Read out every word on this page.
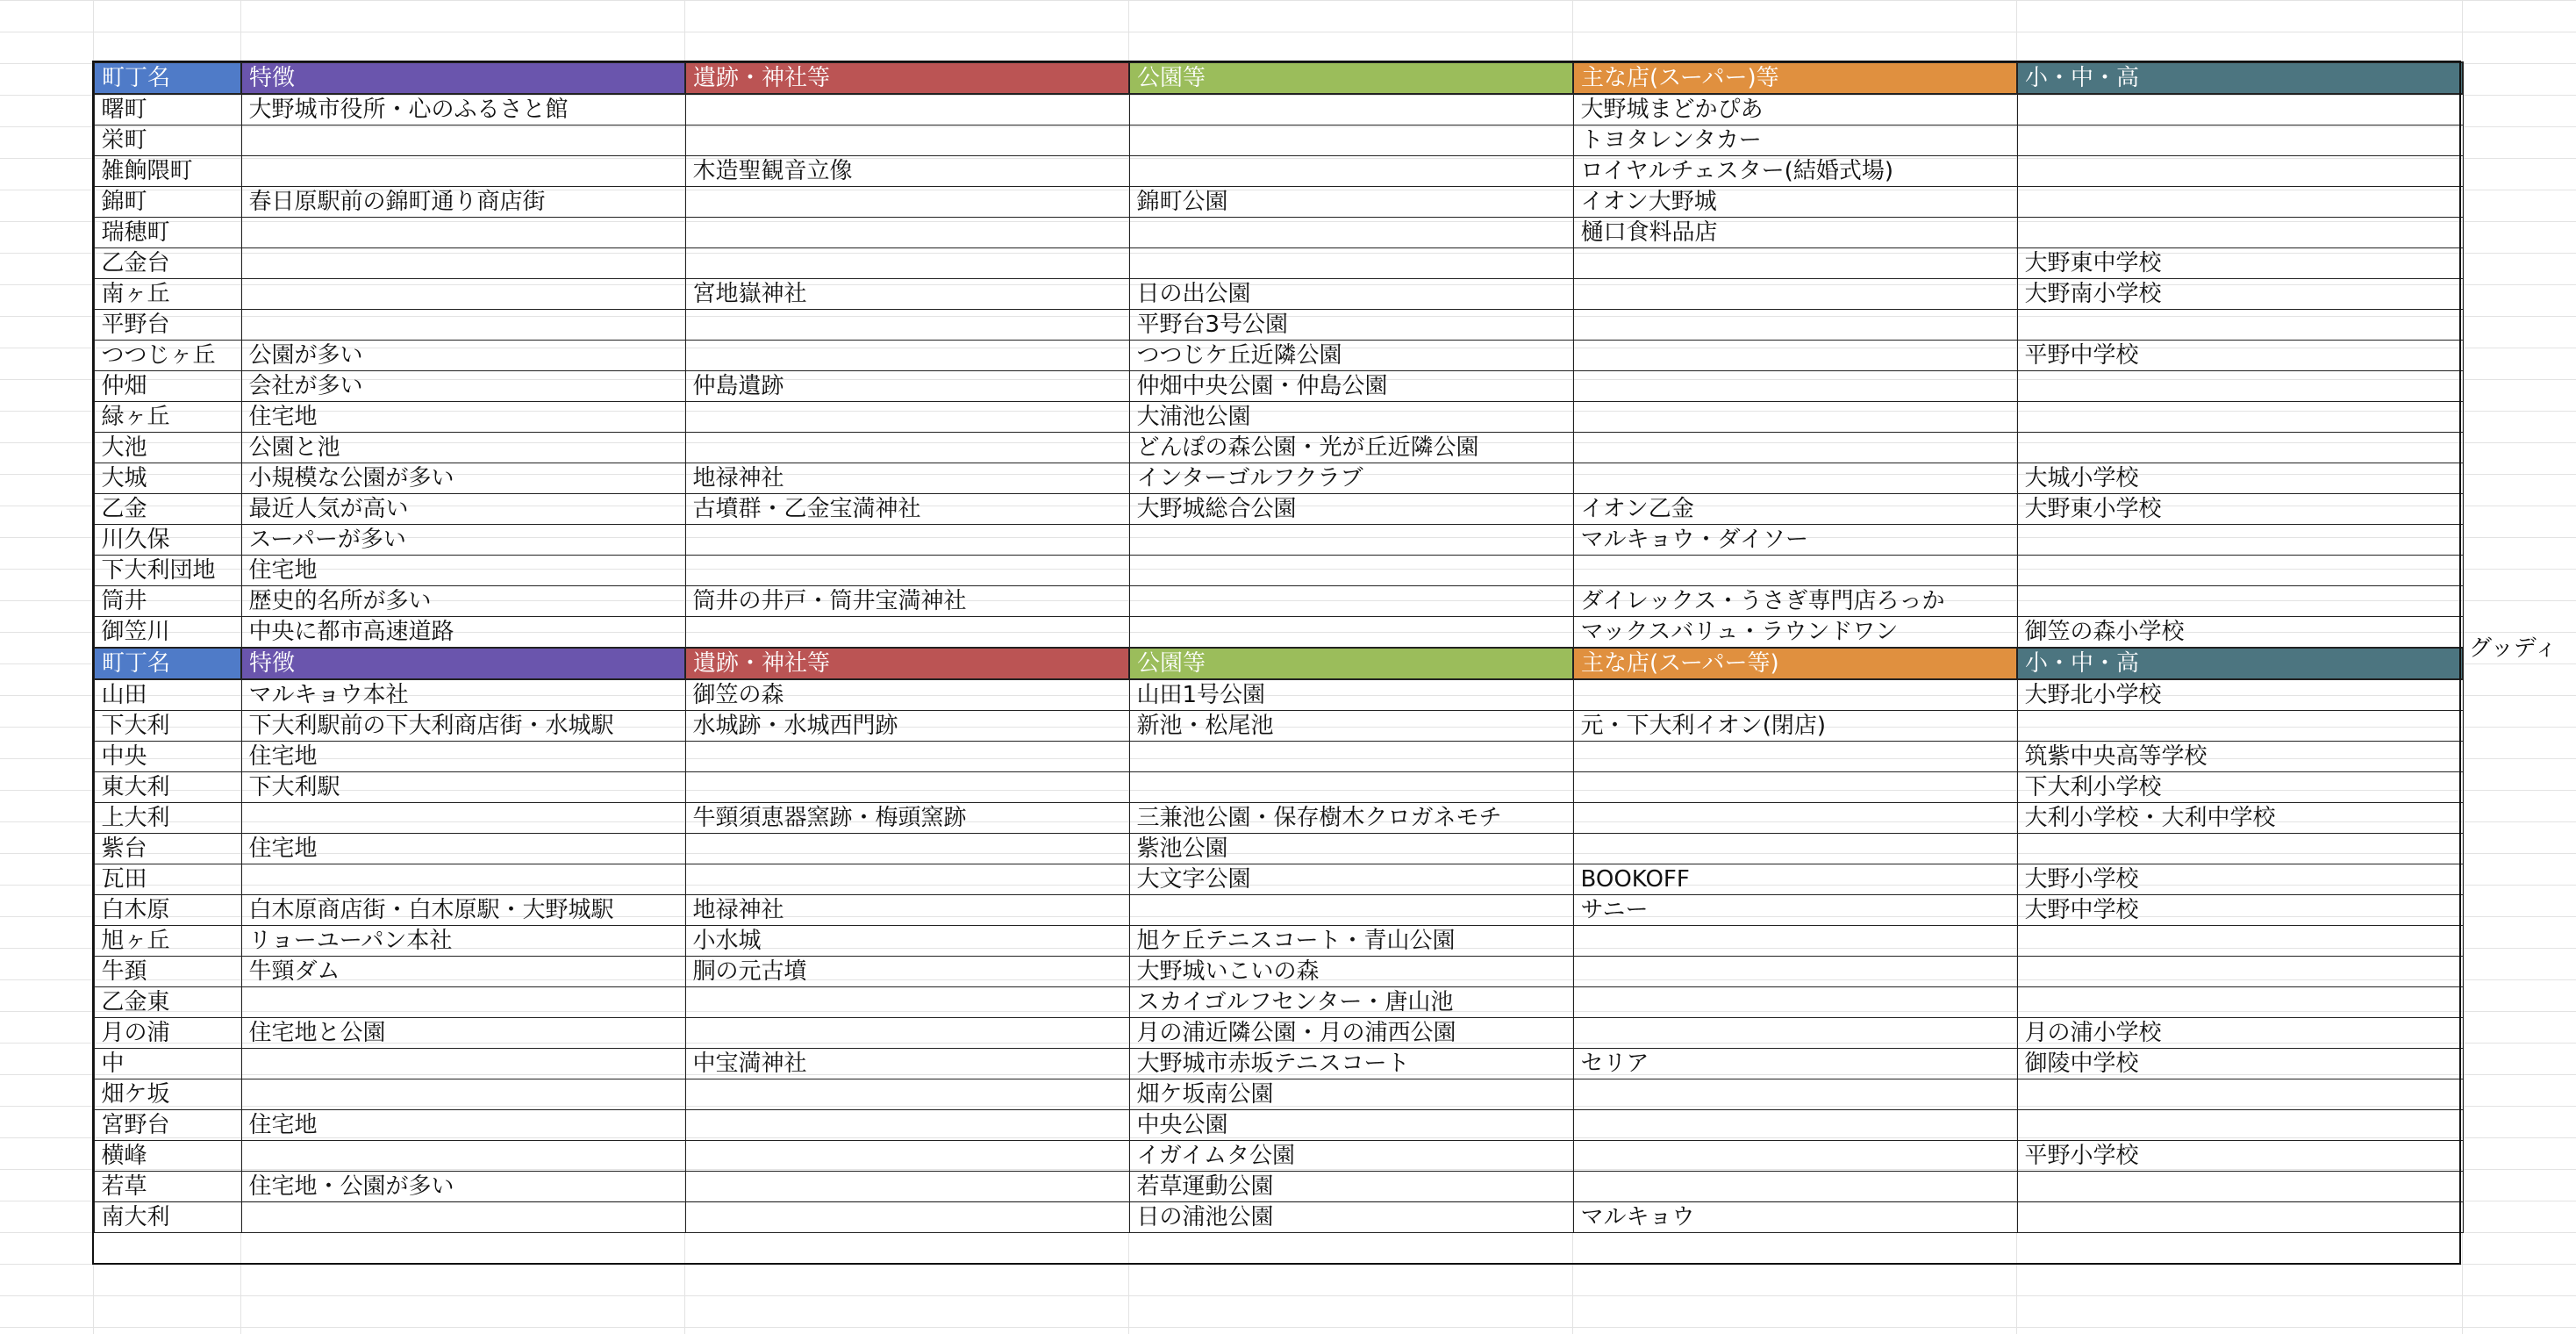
町丁名	特徴	遺跡・神社等	公園等	主な店(スーパー)等	小・中・高
曙町	大野城市役所・心のふるさと館			大野城まどかぴあ	
栄町				トヨタレンタカー	
雑餉隈町		木造聖観音立像		ロイヤルチェスター(結婚式場)	
錦町	春日原駅前の錦町通り商店街		錦町公園	イオン大野城	
瑞穂町				樋口食料品店	
乙金台					大野東中学校
南ヶ丘		宮地嶽神社	日の出公園		大野南小学校
平野台			平野台3号公園		
つつじヶ丘	公園が多い		つつじケ丘近隣公園		平野中学校
仲畑	会社が多い	仲島遺跡	仲畑中央公園・仲島公園		
緑ヶ丘	住宅地		大浦池公園		
大池	公園と池		どんぽの森公園・光が丘近隣公園		
大城	小規模な公園が多い	地禄神社	インターゴルフクラブ		大城小学校
乙金	最近人気が高い	古墳群・乙金宝満神社	大野城総合公園	イオン乙金	大野東小学校
川久保	スーパーが多い			マルキョウ・ダイソー	
下大利団地	住宅地				
筒井	歴史的名所が多い	筒井の井戸・筒井宝満神社		ダイレックス・うさぎ専門店ろっか	
御笠川	中央に都市高速道路			マックスバリュ・ラウンドワン	御笠の森小学校
町丁名	特徴	遺跡・神社等	公園等	主な店(スーパー等)	小・中・高
山田	マルキョウ本社	御笠の森	山田1号公園		大野北小学校
下大利	下大利駅前の下大利商店街・水城駅	水城跡・水城西門跡	新池・松尾池	元・下大利イオン(閉店)	
中央	住宅地				筑紫中央高等学校
東大利	下大利駅				下大利小学校
上大利		牛頸須恵器窯跡・梅頭窯跡	三兼池公園・保存樹木クロガネモチ		大利小学校・大利中学校
紫台	住宅地		紫池公園		
瓦田			大文字公園	BOOKOFF	大野小学校
白木原	白木原商店街・白木原駅・大野城駅	地禄神社		サニー	大野中学校
旭ヶ丘	リョーユーパン本社	小水城	旭ケ丘テニスコート・青山公園		
牛頚	牛頸ダム	胴の元古墳	大野城いこいの森		
乙金東			スカイゴルフセンター・唐山池		
月の浦	住宅地と公園		月の浦近隣公園・月の浦西公園		月の浦小学校
中		中宝満神社	大野城市赤坂テニスコート	セリア	御陵中学校
畑ケ坂			畑ケ坂南公園		
宮野台	住宅地		中央公園		
横峰			イガイムタ公園		平野小学校
若草	住宅地・公園が多い		若草運動公園		
南大利			日の浦池公園	マルキョウ	
グッディ
